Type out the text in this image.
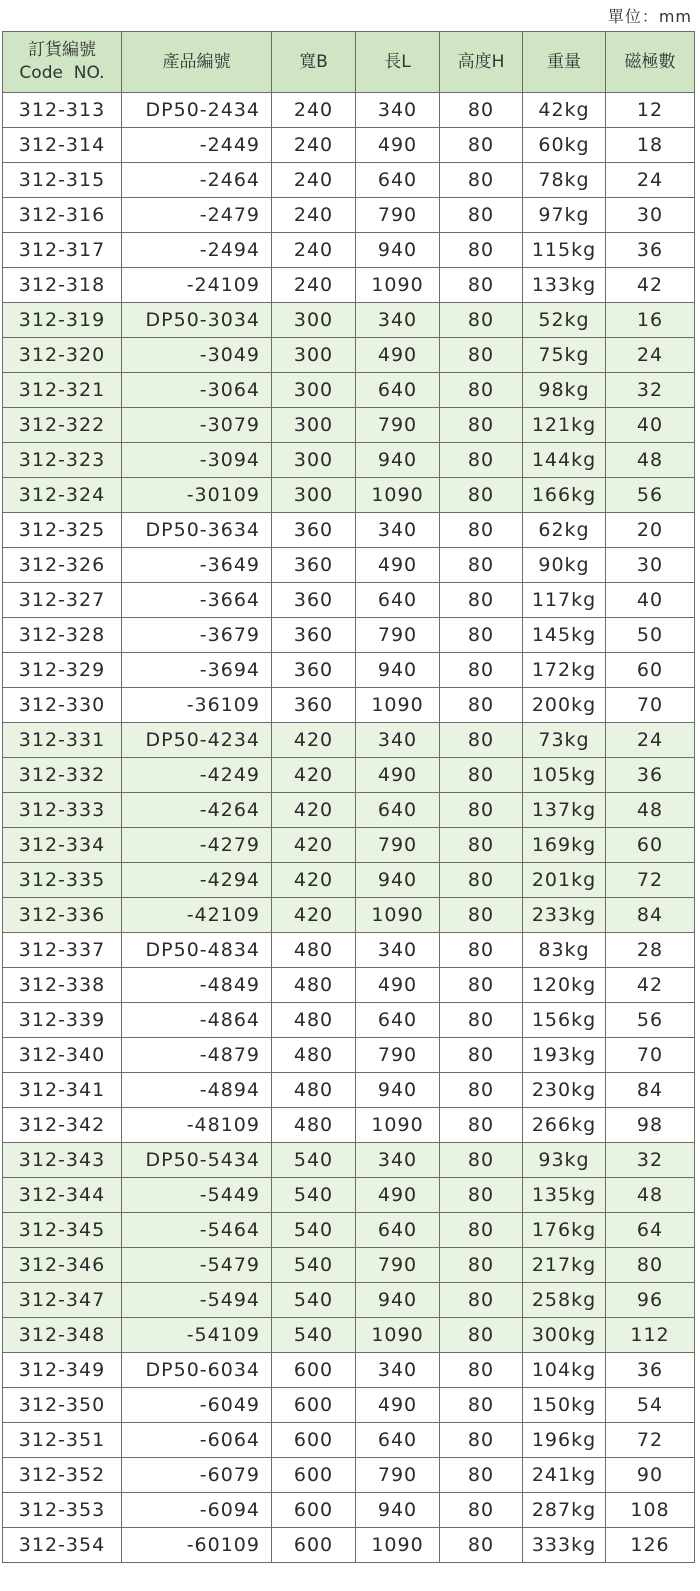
單位：mm
訂貨編號
Code  NO.	產品編號	寬B	長L	高度H	重量	磁極數
312-313	DP50-2434	240	340	80	42kg	12
312-314	-2449	240	490	80	60kg	18
312-315	-2464	240	640	80	78kg	24
312-316	-2479	240	790	80	97kg	30
312-317	-2494	240	940	80	115kg	36
312-318	-24109	240	1090	80	133kg	42
312-319	DP50-3034	300	340	80	52kg	16
312-320	-3049	300	490	80	75kg	24
312-321	-3064	300	640	80	98kg	32
312-322	-3079	300	790	80	121kg	40
312-323	-3094	300	940	80	144kg	48
312-324	-30109	300	1090	80	166kg	56
312-325	DP50-3634	360	340	80	62kg	20
312-326	-3649	360	490	80	90kg	30
312-327	-3664	360	640	80	117kg	40
312-328	-3679	360	790	80	145kg	50
312-329	-3694	360	940	80	172kg	60
312-330	-36109	360	1090	80	200kg	70
312-331	DP50-4234	420	340	80	73kg	24
312-332	-4249	420	490	80	105kg	36
312-333	-4264	420	640	80	137kg	48
312-334	-4279	420	790	80	169kg	60
312-335	-4294	420	940	80	201kg	72
312-336	-42109	420	1090	80	233kg	84
312-337	DP50-4834	480	340	80	83kg	28
312-338	-4849	480	490	80	120kg	42
312-339	-4864	480	640	80	156kg	56
312-340	-4879	480	790	80	193kg	70
312-341	-4894	480	940	80	230kg	84
312-342	-48109	480	1090	80	266kg	98
312-343	DP50-5434	540	340	80	93kg	32
312-344	-5449	540	490	80	135kg	48
312-345	-5464	540	640	80	176kg	64
312-346	-5479	540	790	80	217kg	80
312-347	-5494	540	940	80	258kg	96
312-348	-54109	540	1090	80	300kg	112
312-349	DP50-6034	600	340	80	104kg	36
312-350	-6049	600	490	80	150kg	54
312-351	-6064	600	640	80	196kg	72
312-352	-6079	600	790	80	241kg	90
312-353	-6094	600	940	80	287kg	108
312-354	-60109	600	1090	80	333kg	126
